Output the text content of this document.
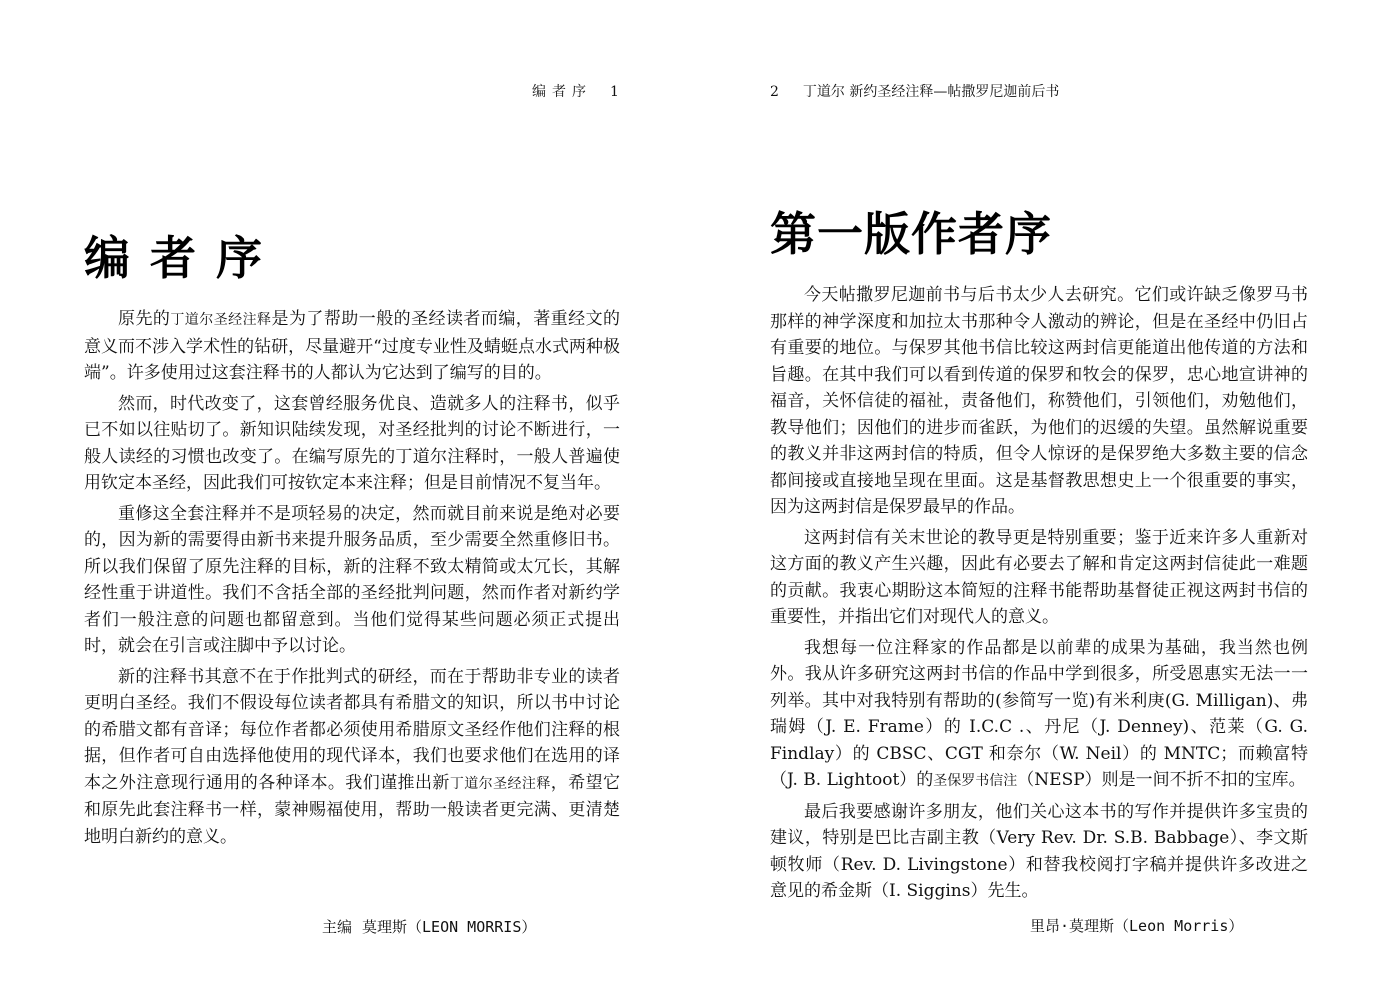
编者序 1
编者序

原先的丁道尔圣经注释是为了帮助一般的圣经读者而编，著重经文的意义而不涉入学术性的钻研，尽量避开“过度专业性及蜻蜓点水式两种极端”。许多使用过这套注释书的人都认为它达到了编写的目的。

然而，时代改变了，这套曾经服务优良、造就多人的注释书，似乎已不如以往贴切了。新知识陆续发现，对圣经批判的讨论不断进行，一般人读经的习惯也改变了。在编写原先的丁道尔注释时，一般人普遍使用钦定本圣经，因此我们可按钦定本来注释；但是目前情况不复当年。

重修这全套注释并不是项轻易的决定，然而就目前来说是绝对必要的，因为新的需要得由新书来提升服务品质，至少需要全然重修旧书。所以我们保留了原先注释的目标，新的注释不致太精简或太冗长，其解经性重于讲道性。我们不含括全部的圣经批判问题，然而作者对新约学者们一般注意的问题也都留意到。当他们觉得某些问题必须正式提出时，就会在引言或注脚中予以讨论。

新的注释书其意不在于作批判式的研经，而在于帮助非专业的读者更明白圣经。我们不假设每位读者都具有希腊文的知识，所以书中讨论的希腊文都有音译；每位作者都必须使用希腊原文圣经作他们注释的根据，但作者可自由选择他使用的现代译本，我们也要求他们在选用的译本之外注意现行通用的各种译本。我们谨推出新丁道尔圣经注释，希望它和原先此套注释书一样，蒙神赐福使用，帮助一般读者更完满、更清楚地明白新约的意义。

主编 莫理斯（LEON MORRIS）
2 丁道尔 新约圣经注释—帖撒罗尼迦前后书
第一版作者序

今天帖撒罗尼迦前书与后书太少人去研究。它们或许缺乏像罗马书那样的神学深度和加拉太书那种令人激动的辨论，但是在圣经中仍旧占有重要的地位。与保罗其他书信比较这两封信更能道出他传道的方法和旨趣。在其中我们可以看到传道的保罗和牧会的保罗，忠心地宣讲神的福音，关怀信徒的福祉，责备他们，称赞他们，引领他们，劝勉他们，教导他们；因他们的进步而雀跃，为他们的迟缓的失望。虽然解说重要的教义并非这两封信的特质，但令人惊讶的是保罗绝大多数主要的信念都间接或直接地呈现在里面。这是基督教思想史上一个很重要的事实，因为这两封信是保罗最早的作品。

这两封信有关末世论的教导更是特别重要；鉴于近来许多人重新对这方面的教义产生兴趣，因此有必要去了解和肯定这两封信徒此一难题的贡献。我衷心期盼这本简短的注释书能帮助基督徒正视这两封书信的重要性，并指出它们对现代人的意义。

我想每一位注释家的作品都是以前辈的成果为基础，我当然也例外。我从许多研究这两封书信的作品中学到很多，所受恩惠实无法一一列举。其中对我特别有帮助的(参简写一览)有米利庚(G. Milligan)、弗瑞姆（J. E. Frame）的 I.C.C .、丹尼（J. Denney)、范莱（G. G. Findlay）的 CBSC、CGT 和奈尔（W. Neil）的 MNTC；而赖富特（J. B. Lightoot）的圣保罗书信注（NESP）则是一间不折不扣的宝库。

最后我要感谢许多朋友，他们关心这本书的写作并提供许多宝贵的建议，特别是巴比吉副主教（Very Rev. Dr. S.B. Babbage）、李文斯顿牧师（Rev. D. Livingstone）和替我校阅打字稿并提供许多改进之意见的希金斯（I. Siggins）先生。

里昂·莫理斯（Leon Morris）
